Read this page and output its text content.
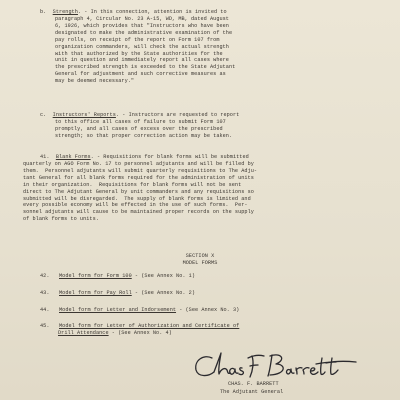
b. Strength. - In this connection, attention is invited to
paragraph 4, Circular No. 23 A-15, WD, MB, dated August
6, 1926, which provides that "Instructors who have been
designated to make the administrative examination of the
pay rolls, on receipt of the report on Form 107 from
organization commanders, will check the actual strength
with that authorized by the State authorities for the
unit in question and immediately report all cases where
the prescribed strength is exceeded to the State Adjutant
General for adjustment and such corrective measures as
may be deemed necessary."
c. Instructors' Reports. - Instructors are requested to report
to this office all cases of failure to submit Form 107
promptly, and all cases of excess over the prescribed
strength; so that proper correction action may be taken.
41. Blank Forms. - Requisitions for blank forms will be submitted
quarterly on AGO Form No. 17 to personnel adjutants and will be filled by
them.  Personnel adjutants will submit quarterly requisitions to The Adju-
tant General for all blank forms required for the administration of units
in their organization.  Requisitions for blank forms will not be sent
direct to The Adjutant General by unit commanders and any requisitions so
submitted will be disregarded.  The supply of blank forms is limited and
every possible economy will be effected in the use of such forms.  Per-
sonnel adjutants will cause to be maintained proper records on the supply
of blank forms to units.
SECTION X
MODEL FORMS
42. Model form for Form 100 - (See Annex No. 1)
43. Model form for Pay Roll - (See Annex No. 2)
44. Model form for Letter and Indorsement - (See Annex No. 3)
45. Model form for Letter of Authorization and Certificate of
Drill Attendance - (See Annex No. 4)
CHAS. F. BARRETT
The Adjutant General
